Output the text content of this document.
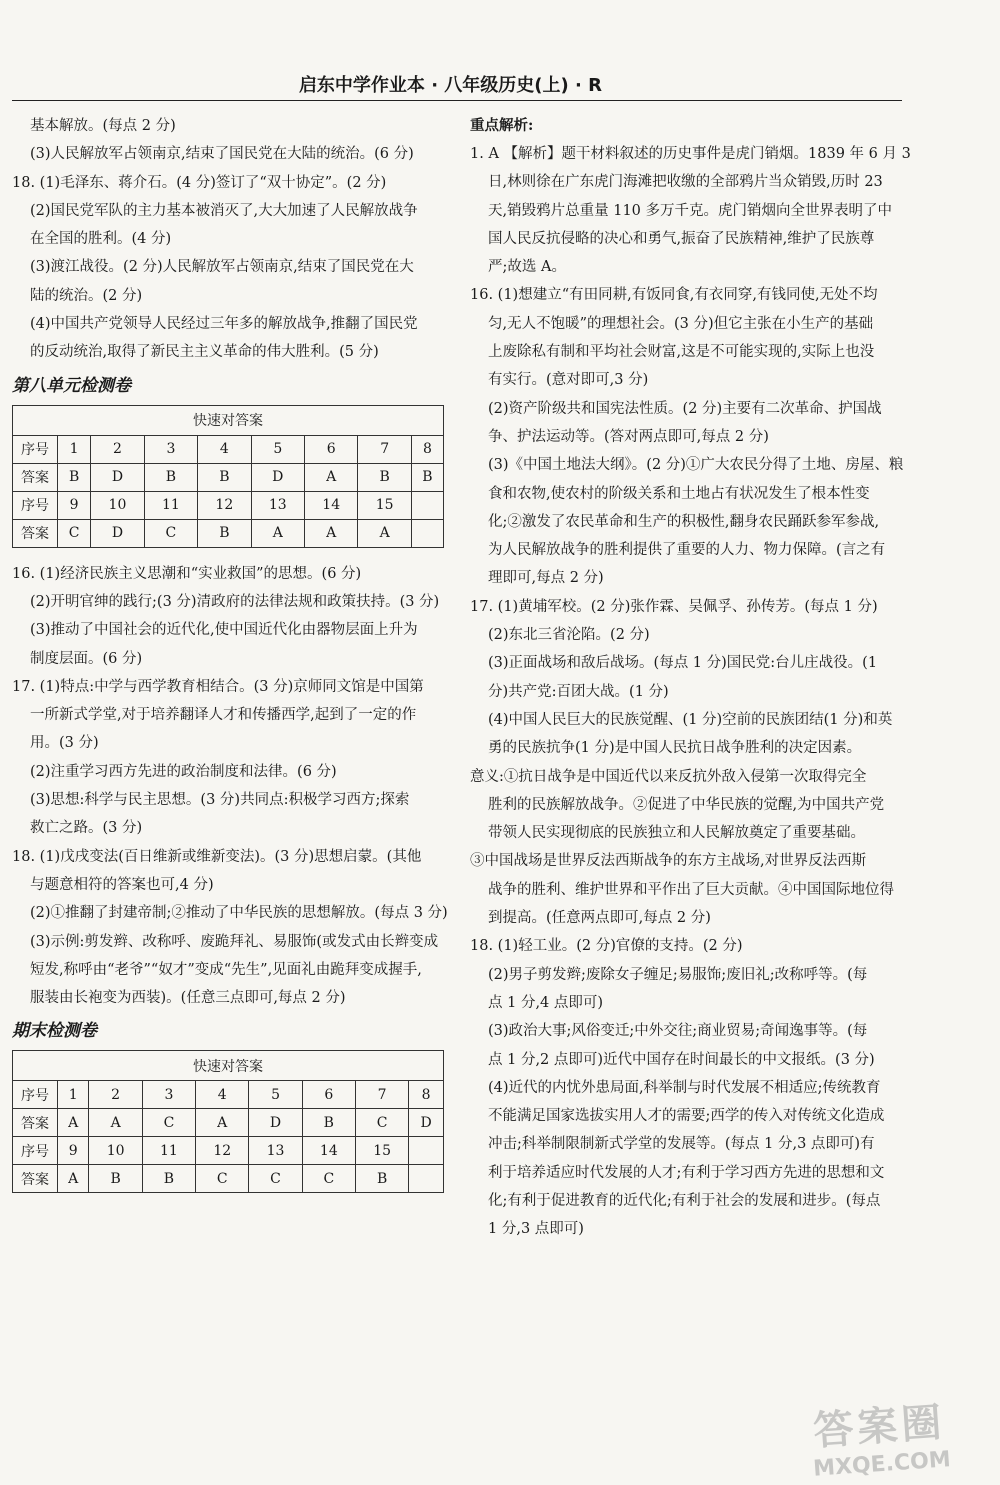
启东中学作业本 · 八年级历史(上) · R
基本解放。(每点 2 分)
(3)人民解放军占领南京,结束了国民党在大陆的统治。(6 分)
18. (1)毛泽东、蒋介石。(4 分)签订了“双十协定”。(2 分)
(2)国民党军队的主力基本被消灭了,大大加速了人民解放战争
在全国的胜利。(4 分)
(3)渡江战役。(2 分)人民解放军占领南京,结束了国民党在大
陆的统治。(2 分)
(4)中国共产党领导人民经过三年多的解放战争,推翻了国民党
的反动统治,取得了新民主主义革命的伟大胜利。(5 分)
第八单元检测卷
快速对答案								
序号	1	2	3	4	5	6	7	8
答案	B	D	B	B	D	A	B	B
序号	9	10	11	12	13	14	15	
答案	C	D	C	B	A	A	A	
16. (1)经济民族主义思潮和“实业救国”的思想。(6 分)
(2)开明官绅的践行;(3 分)清政府的法律法规和政策扶持。(3 分)
(3)推动了中国社会的近代化,使中国近代化由器物层面上升为
制度层面。(6 分)
17. (1)特点:中学与西学教育相结合。(3 分)京师同文馆是中国第
一所新式学堂,对于培养翻译人才和传播西学,起到了一定的作
用。(3 分)
(2)注重学习西方先进的政治制度和法律。(6 分)
(3)思想:科学与民主思想。(3 分)共同点:积极学习西方;探索
救亡之路。(3 分)
18. (1)戊戌变法(百日维新或维新变法)。(3 分)思想启蒙。(其他
与题意相符的答案也可,4 分)
(2)①推翻了封建帝制;②推动了中华民族的思想解放。(每点 3 分)
(3)示例:剪发辫、改称呼、废跪拜礼、易服饰(或发式由长辫变成
短发,称呼由“老爷”“奴才”变成“先生”,见面礼由跪拜变成握手,
服装由长袍变为西装)。(任意三点即可,每点 2 分)
期末检测卷
快速对答案								
序号	1	2	3	4	5	6	7	8
答案	A	A	C	A	D	B	C	D
序号	9	10	11	12	13	14	15	
答案	A	B	B	C	C	C	B	
重点解析:
1. A 【解析】题干材料叙述的历史事件是虎门销烟。1839 年 6 月 3
日,林则徐在广东虎门海滩把收缴的全部鸦片当众销毁,历时 23
天,销毁鸦片总重量 110 多万千克。虎门销烟向全世界表明了中
国人民反抗侵略的决心和勇气,振奋了民族精神,维护了民族尊
严;故选 A。
16. (1)想建立“有田同耕,有饭同食,有衣同穿,有钱同使,无处不均
匀,无人不饱暖”的理想社会。(3 分)但它主张在小生产的基础
上废除私有制和平均社会财富,这是不可能实现的,实际上也没
有实行。(意对即可,3 分)
(2)资产阶级共和国宪法性质。(2 分)主要有二次革命、护国战
争、护法运动等。(答对两点即可,每点 2 分)
(3)《中国土地法大纲》。(2 分)①广大农民分得了土地、房屋、粮
食和农物,使农村的阶级关系和土地占有状况发生了根本性变
化;②激发了农民革命和生产的积极性,翻身农民踊跃参军参战,
为人民解放战争的胜利提供了重要的人力、物力保障。(言之有
理即可,每点 2 分)
17. (1)黄埔军校。(2 分)张作霖、吴佩孚、孙传芳。(每点 1 分)
(2)东北三省沦陷。(2 分)
(3)正面战场和敌后战场。(每点 1 分)国民党:台儿庄战役。(1
分)共产党:百团大战。(1 分)
(4)中国人民巨大的民族觉醒、(1 分)空前的民族团结(1 分)和英
勇的民族抗争(1 分)是中国人民抗日战争胜利的决定因素。
意义:①抗日战争是中国近代以来反抗外敌入侵第一次取得完全
胜利的民族解放战争。②促进了中华民族的觉醒,为中国共产党
带领人民实现彻底的民族独立和人民解放奠定了重要基础。
③中国战场是世界反法西斯战争的东方主战场,对世界反法西斯
战争的胜利、维护世界和平作出了巨大贡献。④中国国际地位得
到提高。(任意两点即可,每点 2 分)
18. (1)轻工业。(2 分)官僚的支持。(2 分)
(2)男子剪发辫;废除女子缠足;易服饰;废旧礼;改称呼等。(每
点 1 分,4 点即可)
(3)政治大事;风俗变迁;中外交往;商业贸易;奇闻逸事等。(每
点 1 分,2 点即可)近代中国存在时间最长的中文报纸。(3 分)
(4)近代的内忧外患局面,科举制与时代发展不相适应;传统教育
不能满足国家选拔实用人才的需要;西学的传入对传统文化造成
冲击;科举制限制新式学堂的发展等。(每点 1 分,3 点即可)有
利于培养适应时代发展的人才;有利于学习西方先进的思想和文
化;有利于促进教育的近代化;有利于社会的发展和进步。(每点
1 分,3 点即可)
答案圈
MXQE.COM
